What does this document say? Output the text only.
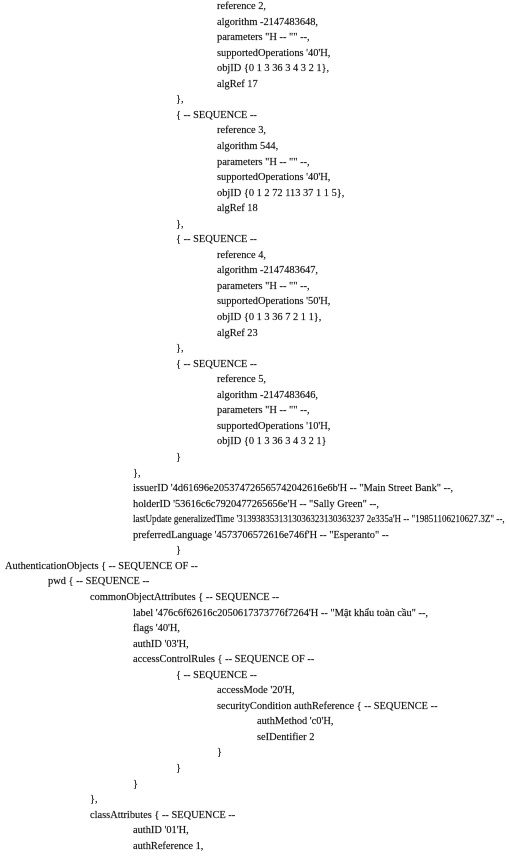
reference 2,
algorithm -2147483648,
parameters "H -- "" --,
supportedOperations '40'H,
objID {0 1 3 36 3 4 3 2 1},
algRef 17
},
{ -- SEQUENCE --
reference 3,
algorithm 544,
parameters "H -- "" --,
supportedOperations '40'H,
objID {0 1 2 72 113 37 1 1 5},
algRef 18
},
{ -- SEQUENCE --
reference 4,
algorithm -2147483647,
parameters "H -- "" --,
supportedOperations '50'H,
objID {0 1 3 36 7 2 1 1},
algRef 23
},
{ -- SEQUENCE --
reference 5,
algorithm -2147483646,
parameters "H -- "" --,
supportedOperations '10'H,
objID {0 1 3 36 3 4 3 2 1}
}
},
issuerID '4d61696e205374726565742042616e6b'H -- "Main Street Bank" --,
holderID '53616c6c7920477265656e'H -- "Sally Green" --,
lastUpdate generalizedTime '3139383531313036323130363237 2e335a'H -- "19851106210627.3Z" --,
preferredLanguage '4573706572616e746f'H -- "Esperanto" --
}
AuthenticationObjects { -- SEQUENCE OF --
pwd { -- SEQUENCE --
commonObjectAttributes { -- SEQUENCE --
label '476c6f62616c2050617373776f7264'H -- "Mật khẩu toàn cầu" --,
flags '40'H,
authID '03'H,
accessControlRules { -- SEQUENCE OF --
{ -- SEQUENCE --
accessMode '20'H,
securityCondition authReference { -- SEQUENCE --
authMethod 'c0'H,
seIDentifier 2
}
}
}
},
classAttributes { -- SEQUENCE --
authID '01'H,
authReference 1,
